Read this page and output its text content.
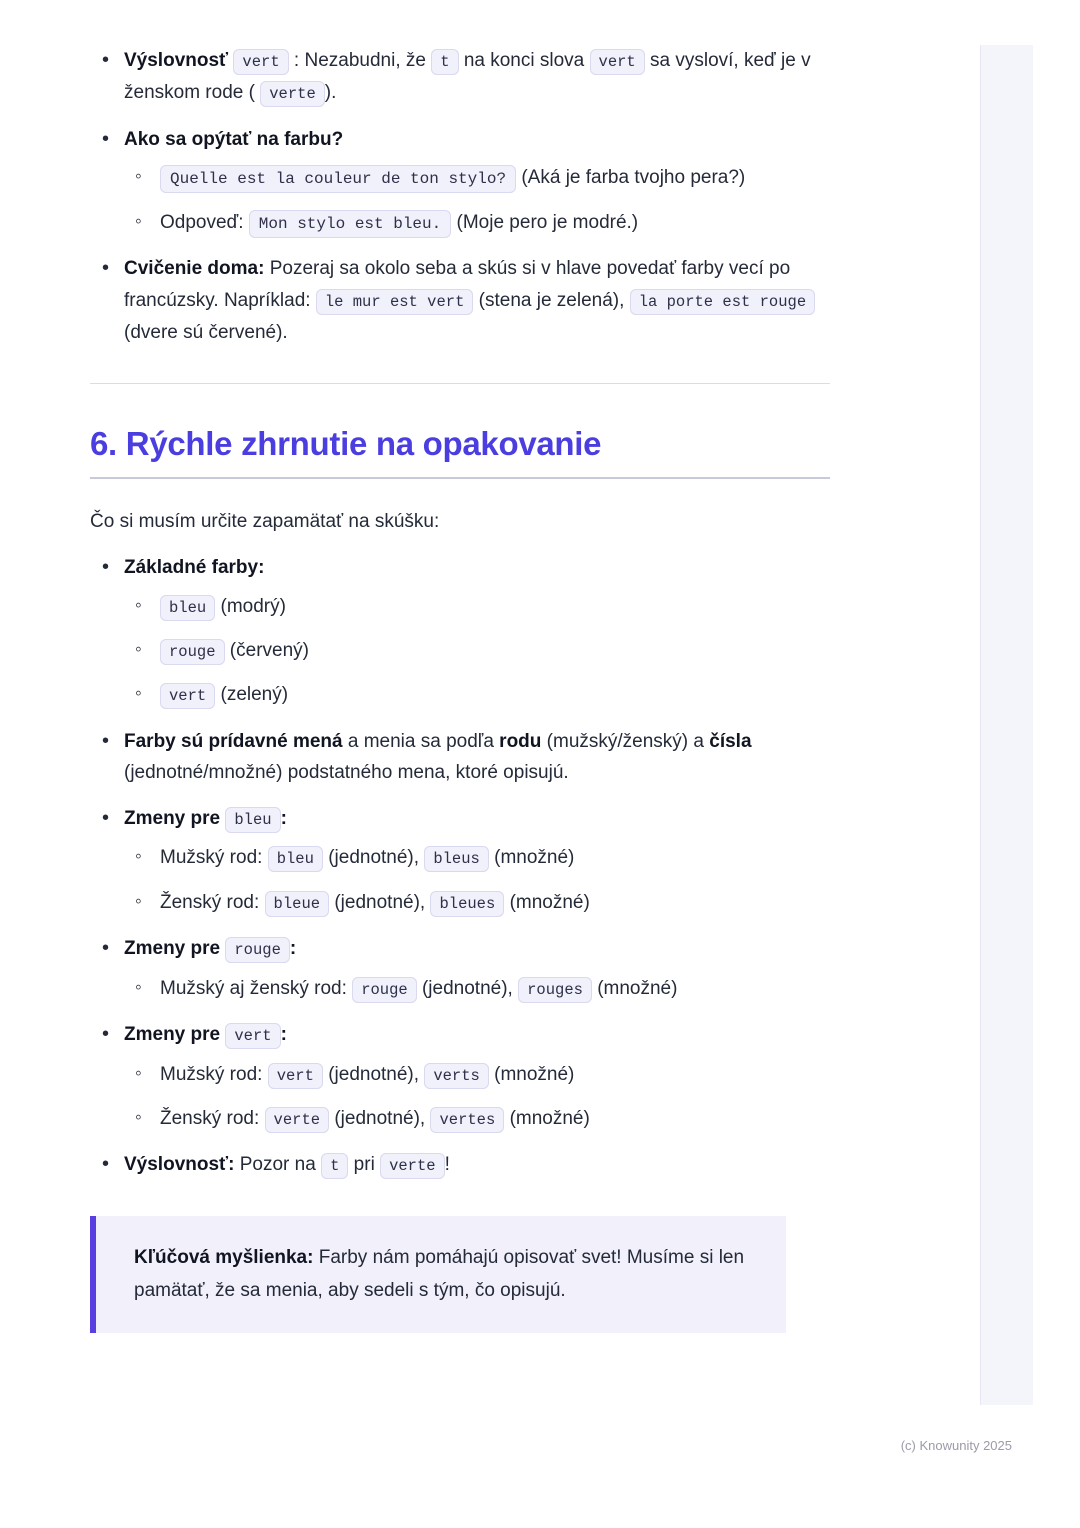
• Výslovnosť vert : Nezabudni, že t na konci slova vert sa vysloví, keď je v ženskom rode ( verte ).
• Ako sa opýtať na farbu?
◦ Quelle est la couleur de ton stylo? (Aká je farba tvojho pera?)
◦ Odpoveď: Mon stylo est bleu. (Moje pero je modré.)
• Cvičenie doma: Pozeraj sa okolo seba a skús si v hlave povedať farby vecí po francúzsky. Napríklad: le mur est vert (stena je zelená), la porte est rouge (dvere sú červené).
6. Rýchle zhrnutie na opakovanie

Čo si musím určite zapamätať na skúšku:

• Základné farby:
◦ bleu (modrý)
◦ rouge (červený)
◦ vert (zelený)
• Farby sú prídavné mená a menia sa podľa rodu (mužský/ženský) a čísla (jednotné/množné) podstatného mena, ktoré opisujú.
• Zmeny pre bleu :
◦ Mužský rod: bleu (jednotné), bleus (množné)
◦ Ženský rod: bleue (jednotné), bleues (množné)
• Zmeny pre rouge :
◦ Mužský aj ženský rod: rouge (jednotné), rouges (množné)
• Zmeny pre vert :
◦ Mužský rod: vert (jednotné), verts (množné)
◦ Ženský rod: verte (jednotné), vertes (množné)
• Výslovnosť: Pozor na t pri verte !

Kľúčová myšlienka: Farby nám pomáhajú opisovať svet! Musíme si len pamätať, že sa menia, aby sedeli s tým, čo opisujú.

(c) Knowunity 2025
